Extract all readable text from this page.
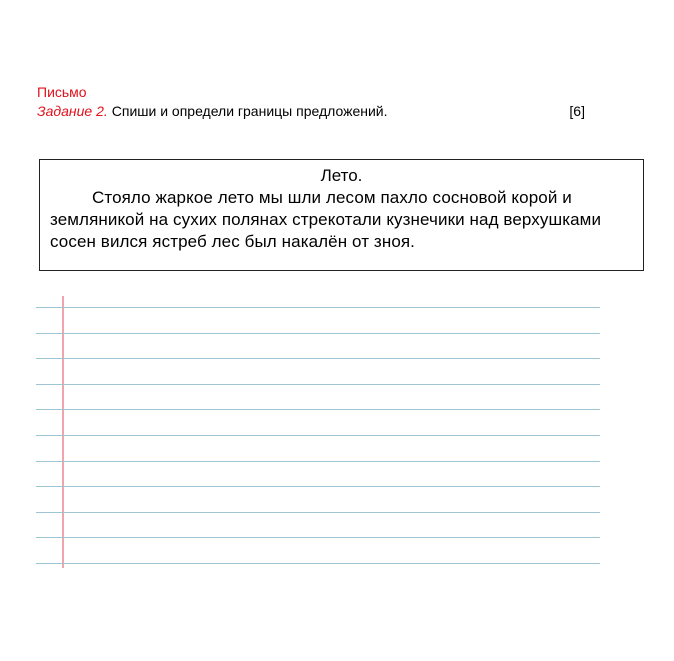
Письмо
Задание 2. Спиши и определи границы предложений.	[6]
Лето.

Стояло жаркое лето мы шли лесом пахло сосновой корой и земляникой на сухих полянах стрекотали кузнечики над верхушками сосен вился ястреб лес был накалён от зноя.
